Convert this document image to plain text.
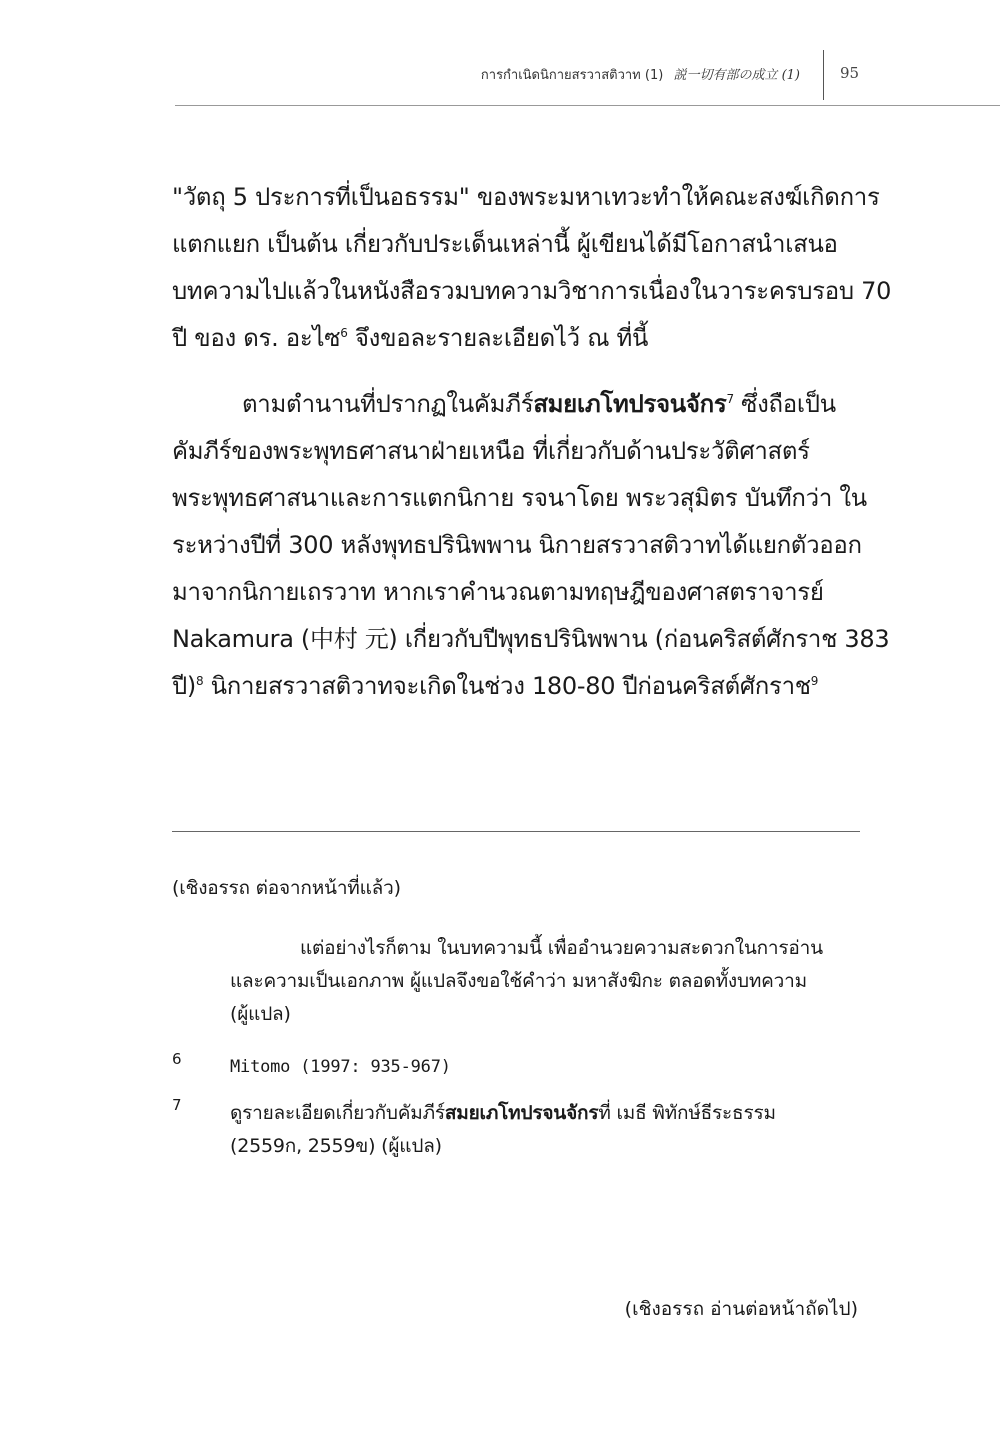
การกำเนิดนิกายสรวาสติวาท (1) 説一切有部の成立 (1)	95

"วัตถุ 5 ประการที่เป็นอธรรม" ของพระมหาเทวะทำให้คณะสงฆ์เกิดการ
แตกแยก เป็นต้น เกี่ยวกับประเด็นเหล่านี้ ผู้เขียนได้มีโอกาสนำเสนอ
บทความไปแล้วในหนังสือรวมบทความวิชาการเนื่องในวาระครบรอบ 70
ปี ของ ดร. อะไซ$^6$ จึงขอละรายละเอียดไว้ ณ ที่นี้

ตามตำนานที่ปรากฏในคัมภีร์สมยเภโทปรจนจักร$^7$ ซึ่งถือเป็น
คัมภีร์ของพระพุทธศาสนาฝ่ายเหนือ ที่เกี่ยวกับด้านประวัติศาสตร์
พระพุทธศาสนาและการแตกนิกาย รจนาโดย พระวสุมิตร บันทึกว่า ใน
ระหว่างปีที่ 300 หลังพุทธปรินิพพาน นิกายสรวาสติวาทได้แยกตัวออก
มาจากนิกายเถรวาท หากเราคำนวณตามทฤษฎีของศาสตราจารย์
Nakamura (中村 元) เกี่ยวกับปีพุทธปรินิพพาน (ก่อนคริสต์ศักราช 383
ปี)$^8$ นิกายสรวาสติวาทจะเกิดในช่วง 180-80 ปีก่อนคริสต์ศักราช$^9$

(เชิงอรรถ ต่อจากหน้าที่แล้ว)
แต่อย่างไรก็ตาม ในบทความนี้ เพื่ออำนวยความสะดวกในการอ่าน
และความเป็นเอกภาพ ผู้แปลจึงขอใช้คำว่า มหาสังฆิกะ ตลอดทั้งบทความ
(ผู้แปล)
6	Mitomo (1997: 935-967)
7	ดูรายละเอียดเกี่ยวกับคัมภีร์สมยเภโทปรจนจักรที่ เมธี พิทักษ์ธีระธรรม
(2559ก, 2559ข) (ผู้แปล)
(เชิงอรรถ อ่านต่อหน้าถัดไป)
